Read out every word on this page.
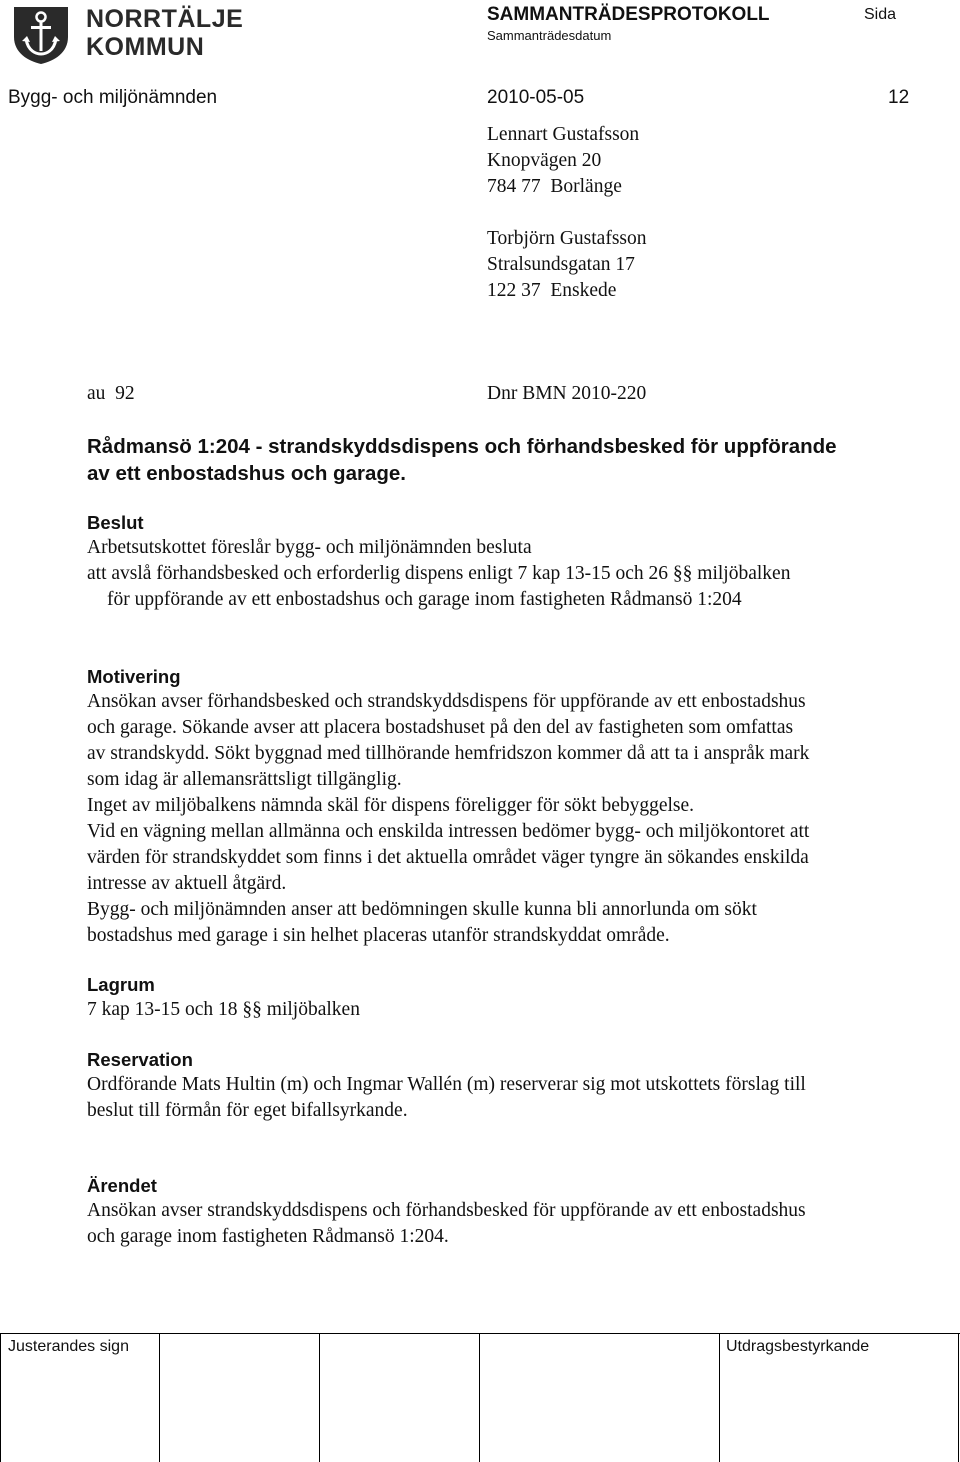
NORRTÄLJE
KOMMUN
SAMMANTRÄDESPROTOKOLL	Sida
Sammanträdesdatum
Bygg- och miljönämnden	2010-05-05	12
Lennart Gustafsson
Knopvägen 20
784 77  Borlänge
Torbjörn Gustafsson
Stralsundsgatan 17
122 37  Enskede
au  92	Dnr BMN 2010-220
Rådmansö 1:204 - strandskyddsdispens och förhandsbesked för uppförande
av ett enbostadshus och garage.
Beslut
Arbetsutskottet föreslår bygg- och miljönämnden besluta
att avslå förhandsbesked och erforderlig dispens enligt 7 kap 13-15 och 26 §§ miljöbalken
för uppförande av ett enbostadshus och garage inom fastigheten Rådmansö 1:204
Motivering
Ansökan avser förhandsbesked och strandskyddsdispens för uppförande av ett enbostadshus
och garage. Sökande avser att placera bostadshuset på den del av fastigheten som omfattas
av strandskydd. Sökt byggnad med tillhörande hemfridszon kommer då att ta i anspråk mark
som idag är allemansrättsligt tillgänglig.
Inget av miljöbalkens nämnda skäl för dispens föreligger för sökt bebyggelse.
Vid en vägning mellan allmänna och enskilda intressen bedömer bygg- och miljökontoret att
värden för strandskyddet som finns i det aktuella området väger tyngre än sökandes enskilda
intresse av aktuell åtgärd.
Bygg- och miljönämnden anser att bedömningen skulle kunna bli annorlunda om sökt
bostadshus med garage i sin helhet placeras utanför strandskyddat område.
Lagrum
7 kap 13-15 och 18 §§ miljöbalken
Reservation
Ordförande Mats Hultin (m) och Ingmar Wallén (m) reserverar sig mot utskottets förslag till
beslut till förmån för eget bifallsyrkande.
Ärendet
Ansökan avser strandskyddsdispens och förhandsbesked för uppförande av ett enbostadshus
och garage inom fastigheten Rådmansö 1:204.
Justerandes sign	Utdragsbestyrkande
